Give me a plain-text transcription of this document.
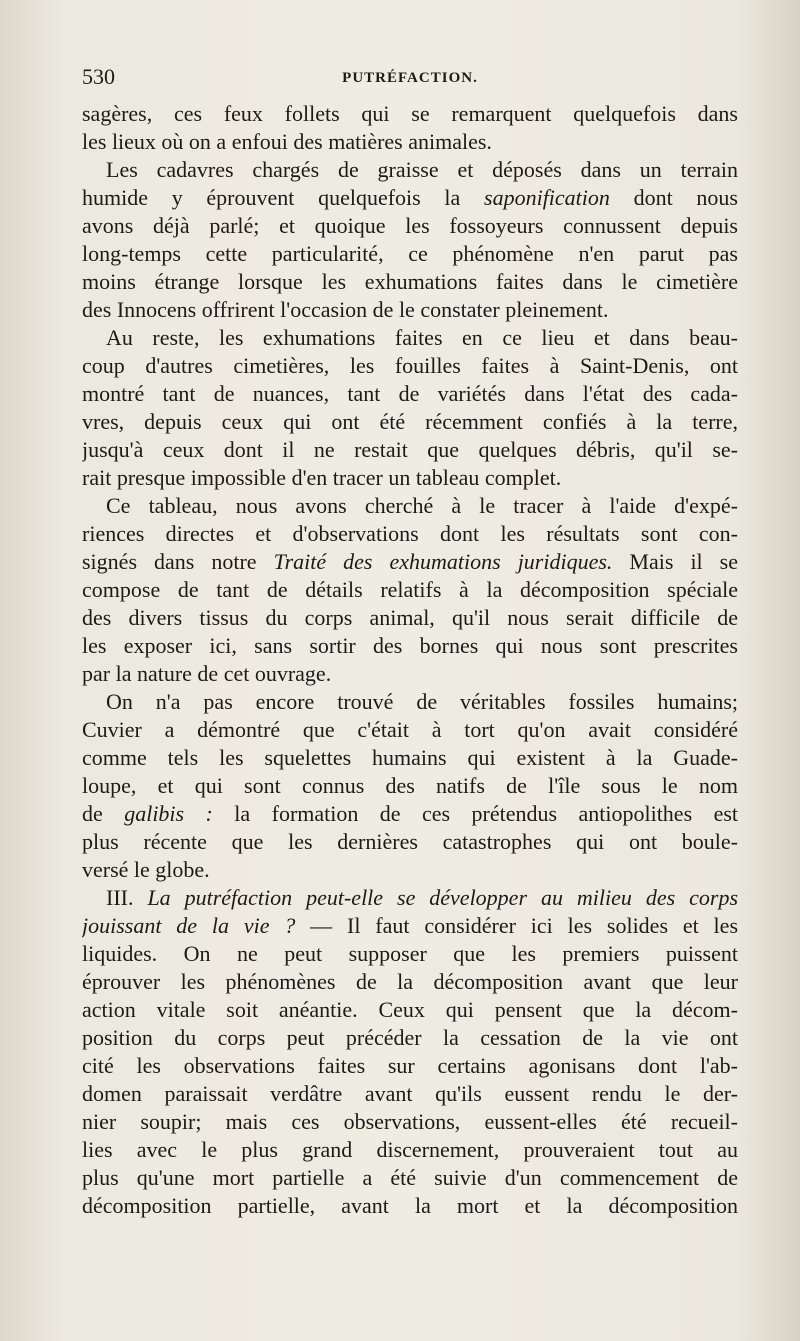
530	PUTRÉFACTION.
sagères, ces feux follets qui se remarquent quelquefois dans
les lieux où on a enfoui des matières animales.
Les cadavres chargés de graisse et déposés dans un terrain
humide y éprouvent quelquefois la saponification dont nous
avons déjà parlé; et quoique les fossoyeurs connussent depuis
long-temps cette particularité, ce phénomène n'en parut pas
moins étrange lorsque les exhumations faites dans le cimetière
des Innocens offrirent l'occasion de le constater pleinement.
Au reste, les exhumations faites en ce lieu et dans beau-
coup d'autres cimetières, les fouilles faites à Saint-Denis, ont
montré tant de nuances, tant de variétés dans l'état des cada-
vres, depuis ceux qui ont été récemment confiés à la terre,
jusqu'à ceux dont il ne restait que quelques débris, qu'il se-
rait presque impossible d'en tracer un tableau complet.
Ce tableau, nous avons cherché à le tracer à l'aide d'expé-
riences directes et d'observations dont les résultats sont con-
signés dans notre Traité des exhumations juridiques. Mais il se
compose de tant de détails relatifs à la décomposition spéciale
des divers tissus du corps animal, qu'il nous serait difficile de
les exposer ici, sans sortir des bornes qui nous sont prescrites
par la nature de cet ouvrage.
On n'a pas encore trouvé de véritables fossiles humains;
Cuvier a démontré que c'était à tort qu'on avait considéré
comme tels les squelettes humains qui existent à la Guade-
loupe, et qui sont connus des natifs de l'île sous le nom
de galibis : la formation de ces prétendus antiopolithes est
plus récente que les dernières catastrophes qui ont boule-
versé le globe.
III. La putréfaction peut-elle se développer au milieu des corps
jouissant de la vie ? — Il faut considérer ici les solides et les
liquides. On ne peut supposer que les premiers puissent
éprouver les phénomènes de la décomposition avant que leur
action vitale soit anéantie. Ceux qui pensent que la décom-
position du corps peut précéder la cessation de la vie ont
cité les observations faites sur certains agonisans dont l'ab-
domen paraissait verdâtre avant qu'ils eussent rendu le der-
nier soupir; mais ces observations, eussent-elles été recueil-
lies avec le plus grand discernement, prouveraient tout au
plus qu'une mort partielle a été suivie d'un commencement de
décomposition partielle, avant la mort et la décomposition
